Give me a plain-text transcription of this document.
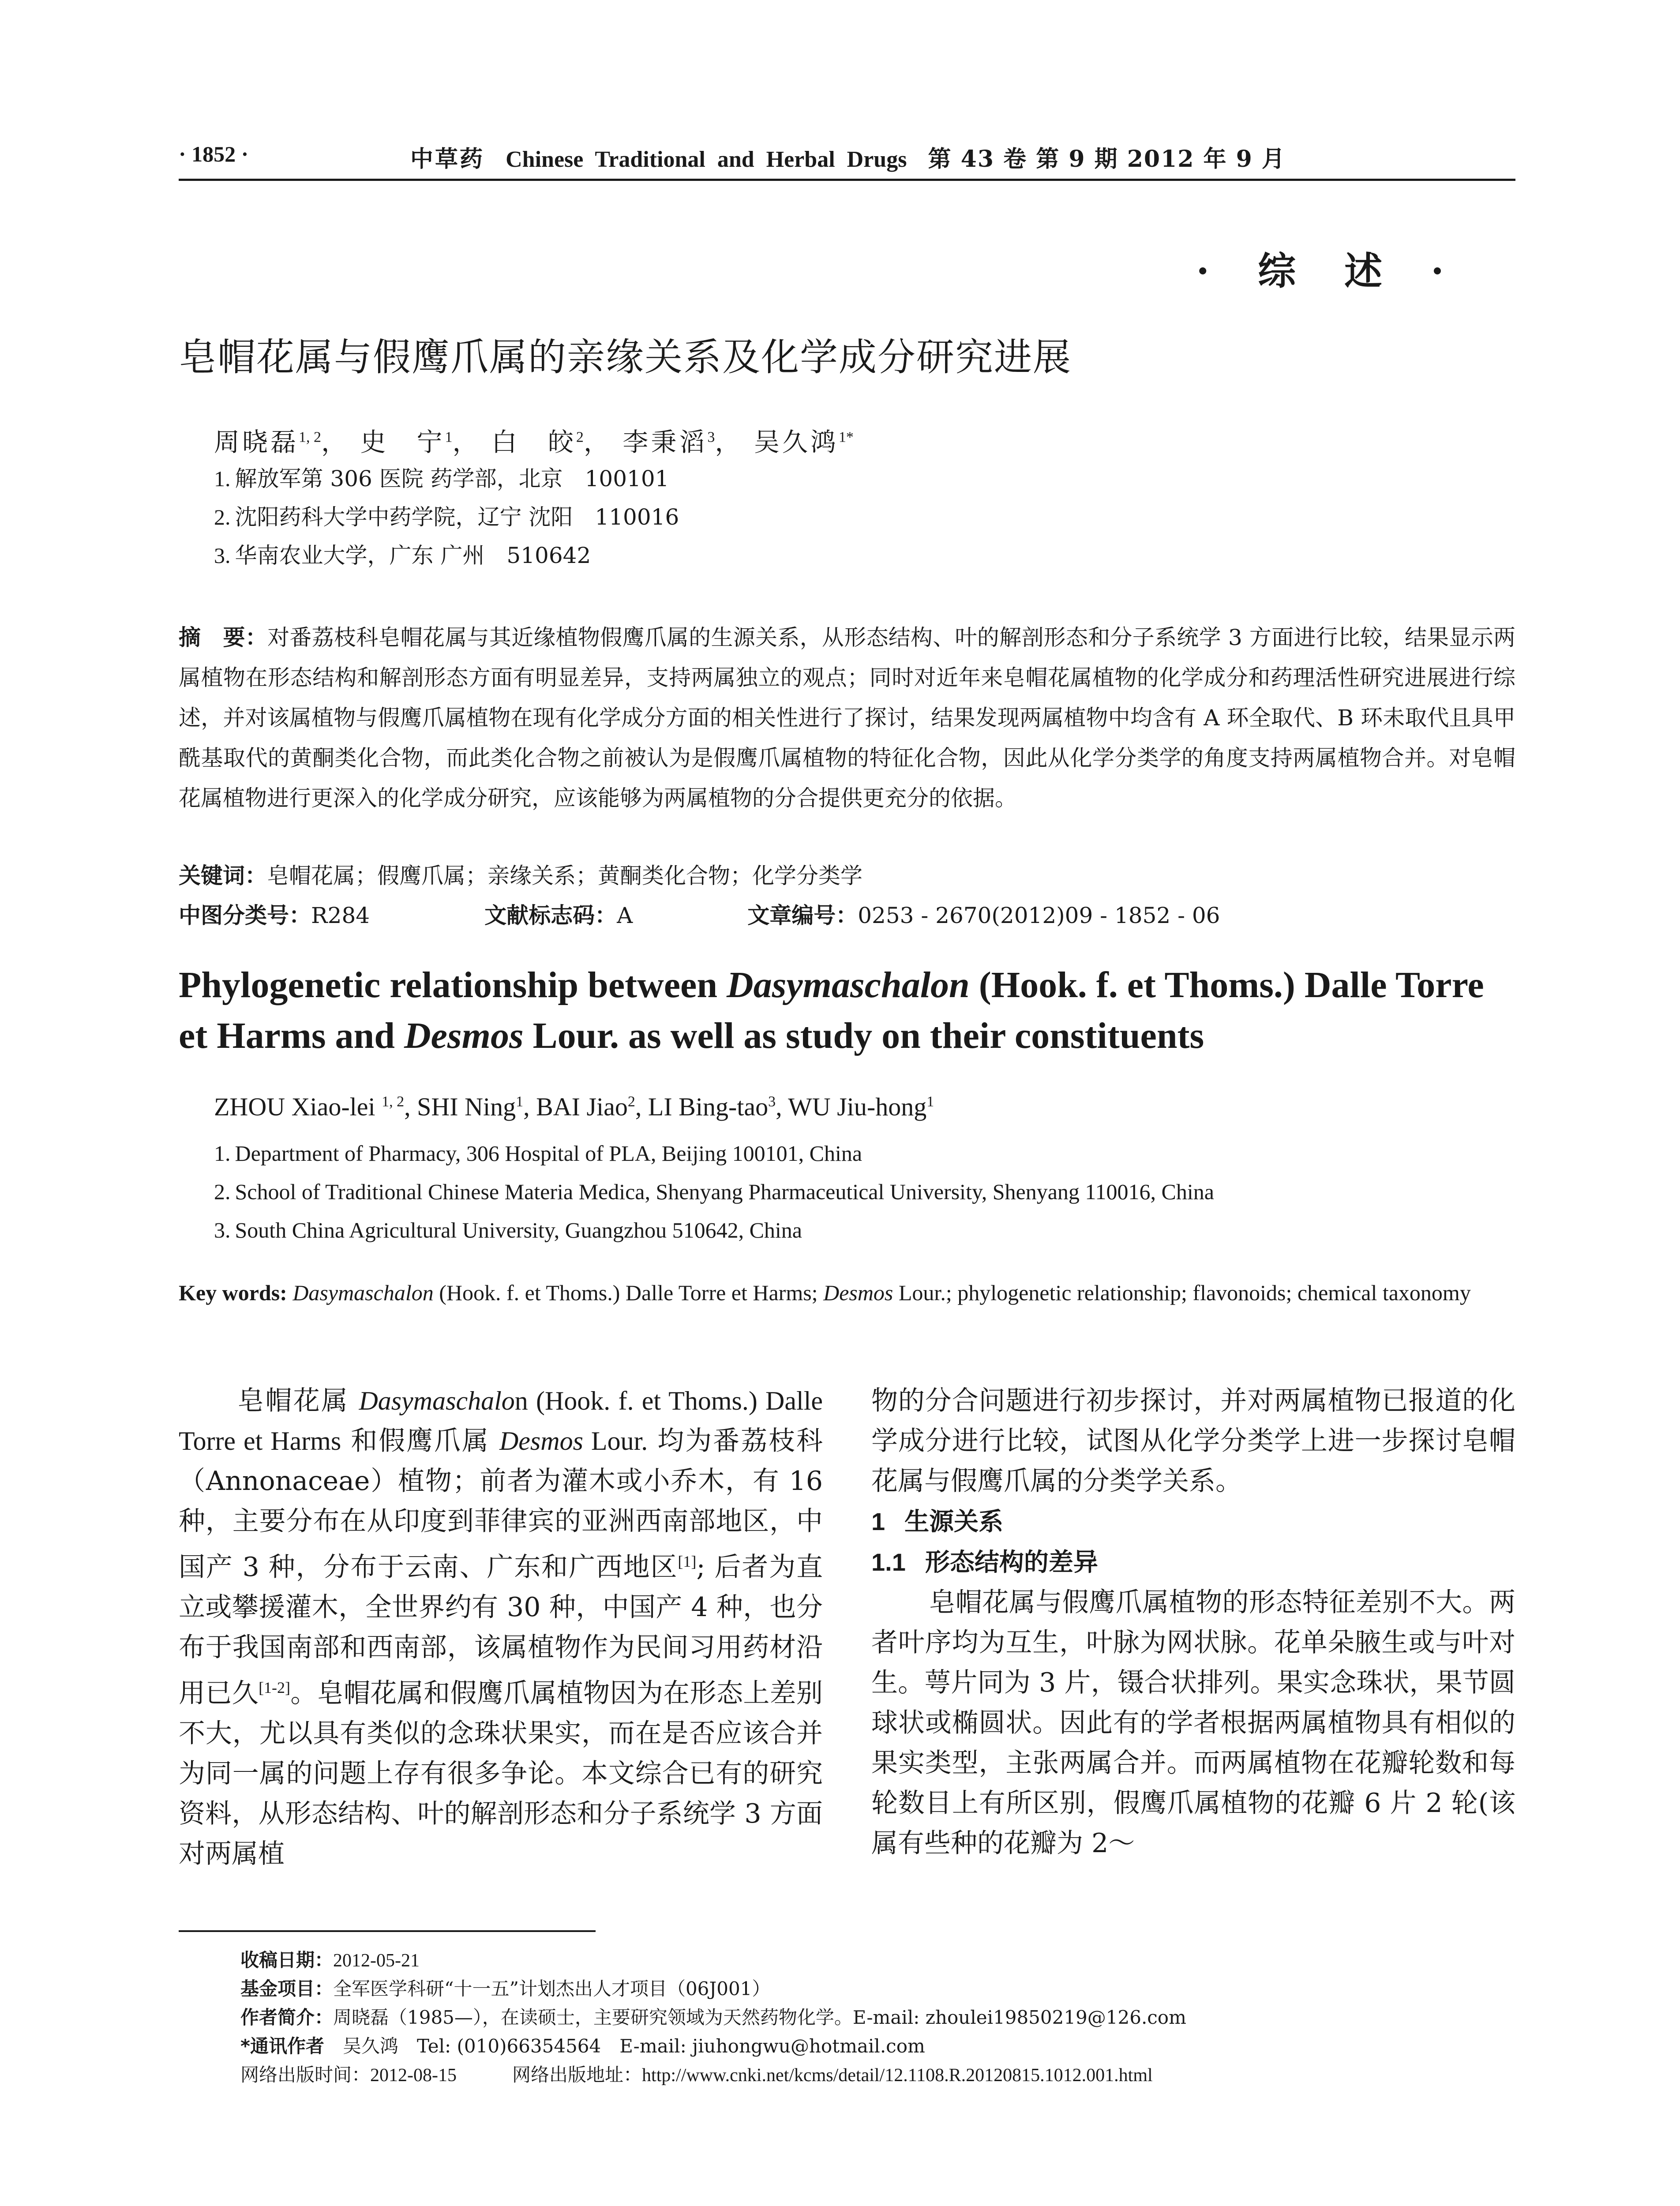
· 1852 ·	中草药 Chinese Traditional and Herbal Drugs 第 43 卷 第 9 期 2012 年 9 月
· 综 述 ·
皂帽花属与假鹰爪属的亲缘关系及化学成分研究进展
周晓磊$^{1, 2}$， 史　宁$^1$， 白　皎$^2$， 李秉滔$^3$， 吴久鸿$^{1*}$
1. 解放军第 306 医院 药学部，北京　100101
2. 沈阳药科大学中药学院，辽宁 沈阳　110016
3. 华南农业大学，广东 广州　510642
摘　要：对番荔枝科皂帽花属与其近缘植物假鹰爪属的生源关系，从形态结构、叶的解剖形态和分子系统学 3 方面进行比较，结果显示两属植物在形态结构和解剖形态方面有明显差异，支持两属独立的观点；同时对近年来皂帽花属植物的化学成分和药理活性研究进展进行综述，并对该属植物与假鹰爪属植物在现有化学成分方面的相关性进行了探讨，结果发现两属植物中均含有 A 环全取代、B 环未取代且具甲酰基取代的黄酮类化合物，而此类化合物之前被认为是假鹰爪属植物的特征化合物，因此从化学分类学的角度支持两属植物合并。对皂帽花属植物进行更深入的化学成分研究，应该能够为两属植物的分合提供更充分的依据。
关键词：皂帽花属；假鹰爪属；亲缘关系；黄酮类化合物；化学分类学
中图分类号：R284	文献标志码：A	文章编号：0253 - 2670(2012)09 - 1852 - 06
Phylogenetic relationship between Dasymaschalon (Hook. f. et Thoms.) Dalle Torre et Harms and Desmos Lour. as well as study on their constituents
ZHOU Xiao-lei $^{1, 2}$, SHI Ning$^1$, BAI Jiao$^2$, LI Bing-tao$^3$, WU Jiu-hong$^1$
1. Department of Pharmacy, 306 Hospital of PLA, Beijing 100101, China
2. School of Traditional Chinese Materia Medica, Shenyang Pharmaceutical University, Shenyang 110016, China
3. South China Agricultural University, Guangzhou 510642, China
Key words: Dasymaschalon (Hook. f. et Thoms.) Dalle Torre et Harms; Desmos Lour.; phylogenetic relationship; flavonoids; chemical taxonomy

皂帽花属 Dasymaschalon (Hook. f. et Thoms.) Dalle Torre et Harms 和假鹰爪属 Desmos Lour. 均为番荔枝科（Annonaceae）植物；前者为灌木或小乔木，有 16 种，主要分布在从印度到菲律宾的亚洲西南部地区，中国产 3 种，分布于云南、广东和广西地区[1]; 后者为直立或攀援灌木，全世界约有 30 种，中国产 4 种，也分布于我国南部和西南部，该属植物作为民间习用药材沿用已久[1-2]。皂帽花属和假鹰爪属植物因为在形态上差别不大，尤以具有类似的念珠状果实，而在是否应该合并为同一属的问题上存有很多争论。本文综合已有的研究资料，从形态结构、叶的解剖形态和分子系统学 3 方面对两属植

物的分合问题进行初步探讨，并对两属植物已报道的化学成分进行比较，试图从化学分类学上进一步探讨皂帽花属与假鹰爪属的分类学关系。

1 生源关系

1.1 形态结构的差异

皂帽花属与假鹰爪属植物的形态特征差别不大。两者叶序均为互生，叶脉为网状脉。花单朵腋生或与叶对生。萼片同为 3 片，镊合状排列。果实念珠状，果节圆球状或椭圆状。因此有的学者根据两属植物具有相似的果实类型，主张两属合并。而两属植物在花瓣轮数和每轮数目上有所区别，假鹰爪属植物的花瓣 6 片 2 轮(该属有些种的花瓣为 2～

收稿日期：2012-05-21
基金项目：全军医学科研“十一五”计划杰出人才项目（06J001）
作者简介：周晓磊（1985—），在读硕士，主要研究领域为天然药物化学。E-mail: zhoulei19850219@126.com
*通讯作者　 吴久鸿　Tel: (010)66354564　E-mail: jiuhongwu@hotmail.com
网络出版时间：2012-08-15　　　	网络出版地址：http://www.cnki.net/kcms/detail/12.1108.R.20120815.1012.001.html
